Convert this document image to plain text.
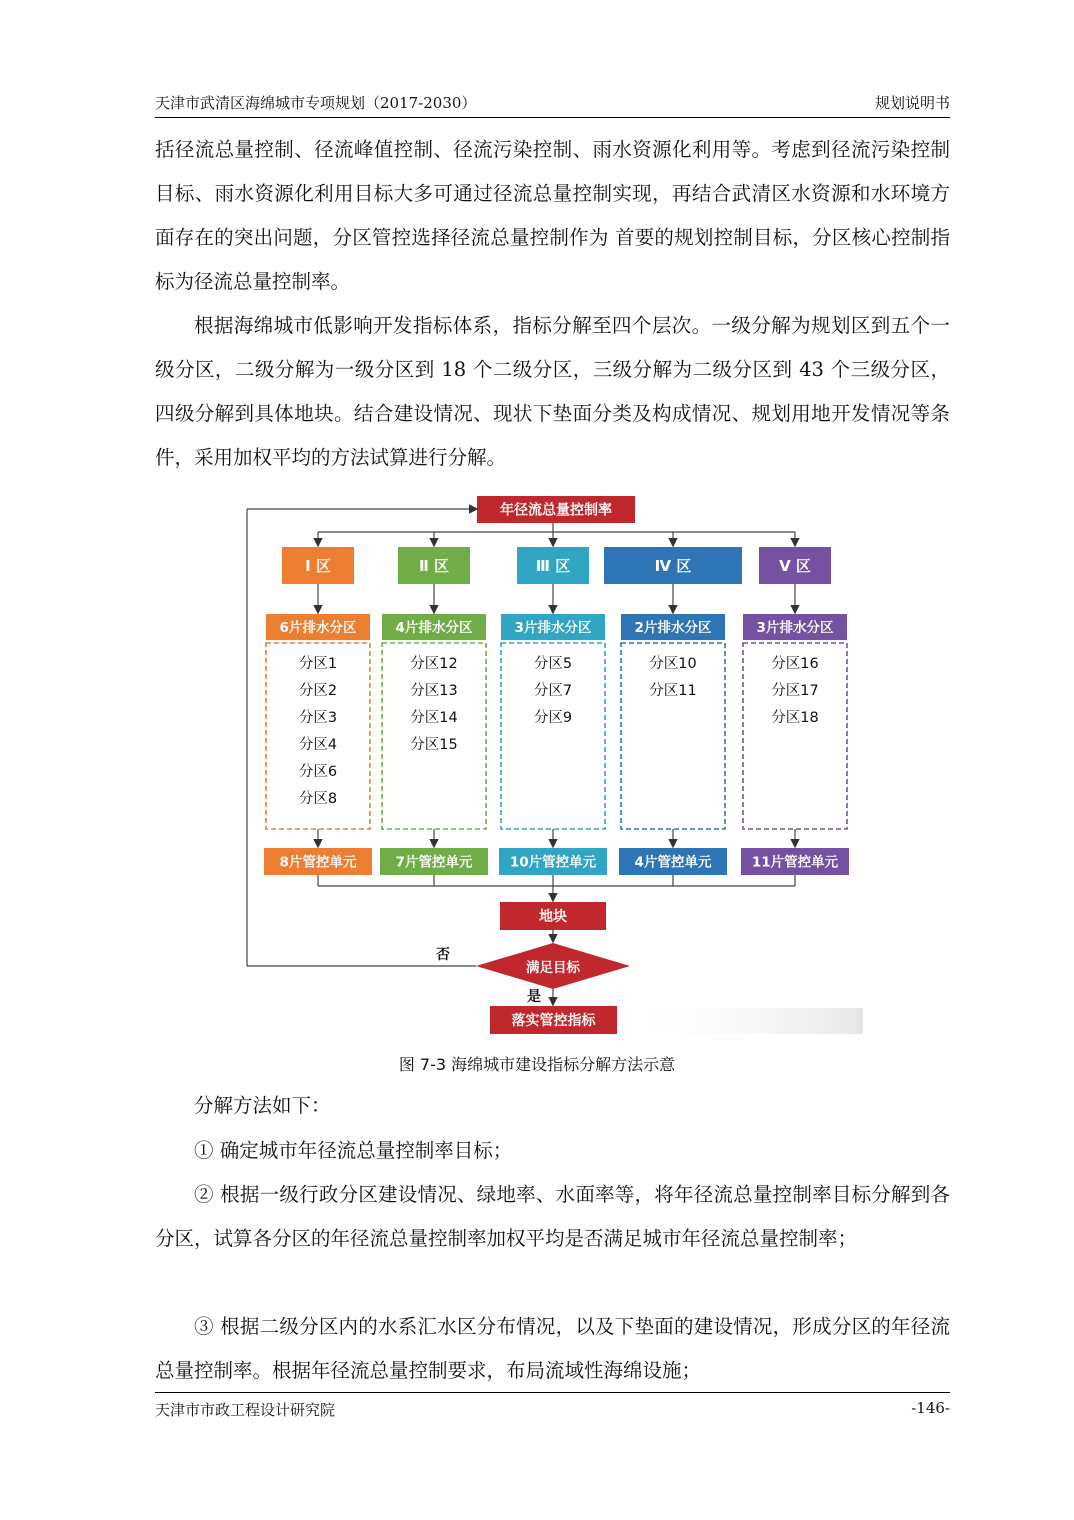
天津市武清区海绵城市专项规划（2017-2030）	规划说明书

括径流总量控制、径流峰值控制、径流污染控制、雨水资源化利用等。考虑到径流污染控制目标、雨水资源化利用目标大多可通过径流总量控制实现，再结合武清区水资源和水环境方面存在的突出问题，分区管控选择径流总量控制作为 首要的规划控制目标，分区核心控制指标为径流总量控制率。

根据海绵城市低影响开发指标体系，指标分解至四个层次。一级分解为规划区到五个一级分区，二级分解为一级分区到 18 个二级分区，三级分解为二级分区到 43 个三级分区，四级分解到具体地块。结合建设情况、现状下垫面分类及构成情况、规划用地开发情况等条件，采用加权平均的方法试算进行分解。

年径流总量控制率
Ⅰ 区
6片排水分区
分区1
分区2
分区3
分区4
分区6
分区8
8片管控单元
Ⅱ 区
4片排水分区
分区12
分区13
分区14
分区15
7片管控单元
Ⅲ 区
3片排水分区
分区5
分区7
分区9
10片管控单元
Ⅳ 区
2片排水分区
分区10
分区11
4片管控单元
Ⅴ 区
3片排水分区
分区16
分区17
分区18
11片管控单元
地块
满足目标
否
是
落实管控指标
图 7-3 海绵城市建设指标分解方法示意

分解方法如下：

① 确定城市年径流总量控制率目标；

② 根据一级行政分区建设情况、绿地率、水面率等，将年径流总量控制率目标分解到各分区，试算各分区的年径流总量控制率加权平均是否满足城市年径流总量控制率；

③ 根据二级分区内的水系汇水区分布情况，以及下垫面的建设情况，形成分区的年径流总量控制率。根据年径流总量控制要求，布局流域性海绵设施；

天津市市政工程设计研究院	-146-
